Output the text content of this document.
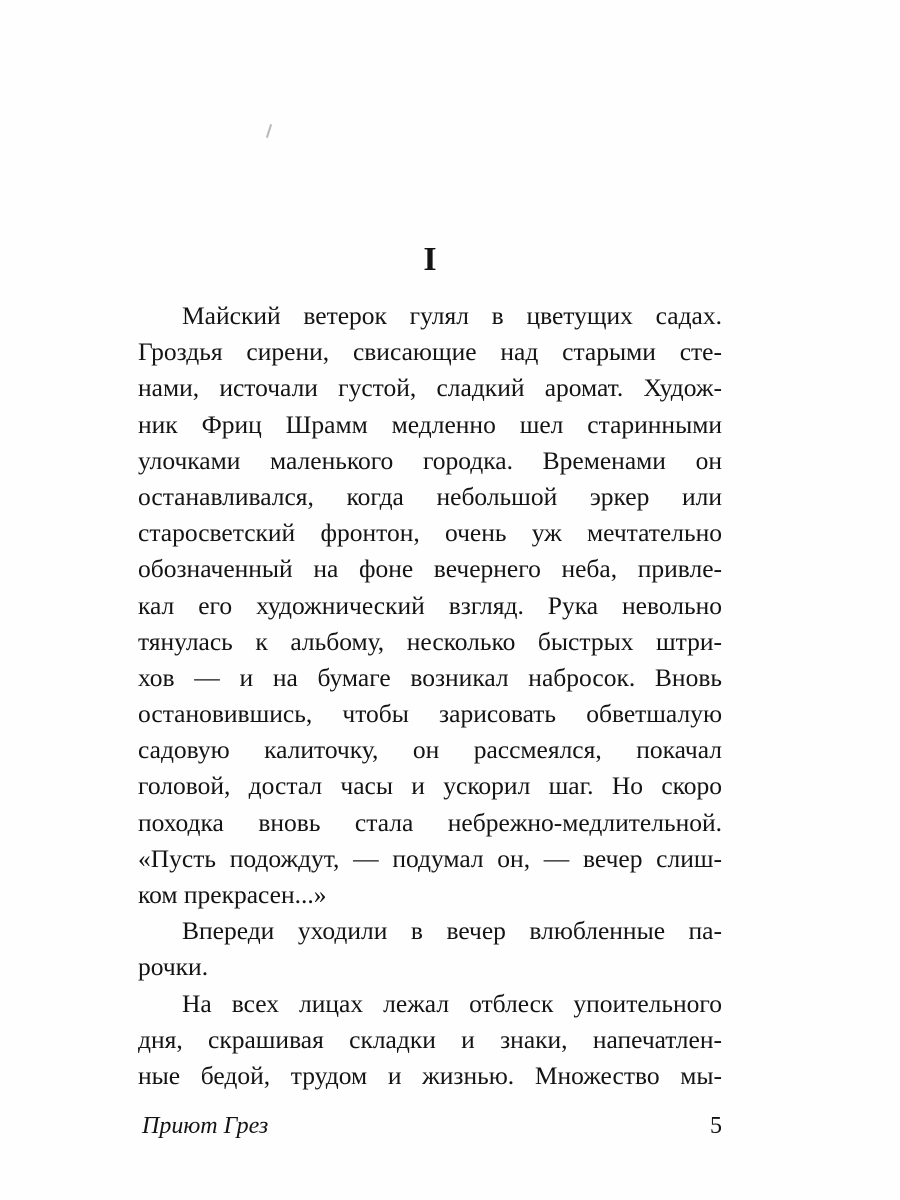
I
Майский ветерок гулял в цветущих садах.
Гроздья сирени, свисающие над старыми сте-
нами, источали густой, сладкий аромат. Худож-
ник Фриц Шрамм медленно шел старинными
улочками маленького городка. Временами он
останавливался, когда небольшой эркер или
старосветский фронтон, очень уж мечтательно
обозначенный на фоне вечернего неба, привле-
кал его художнический взгляд. Рука невольно
тянулась к альбому, несколько быстрых штри-
хов — и на бумаге возникал набросок. Вновь
остановившись, чтобы зарисовать обветшалую
садовую калиточку, он рассмеялся, покачал
головой, достал часы и ускорил шаг. Но скоро
походка вновь стала небрежно-медлительной.
«Пусть подождут, — подумал он, — вечер слиш-
ком прекрасен...»
Впереди уходили в вечер влюбленные па-
рочки.
На всех лицах лежал отблеск упоительного
дня, скрашивая складки и знаки, напечатлен-
ные бедой, трудом и жизнью. Множество мы-
Приют Грез	5
